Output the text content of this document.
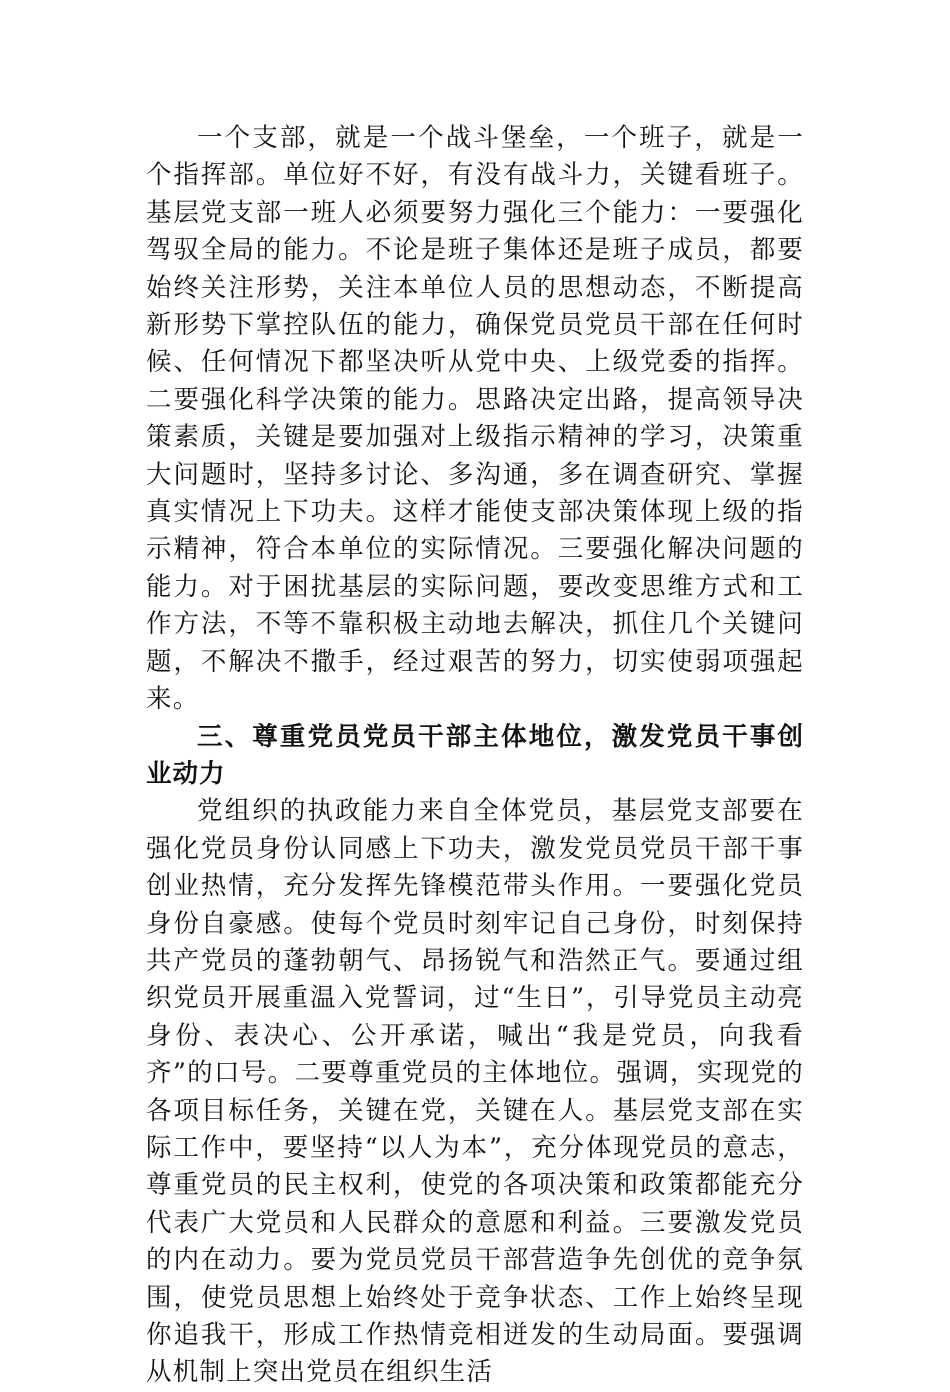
一个支部，就是一个战斗堡垒，一个班子，就是一个指挥部。单位好不好，有没有战斗力，关键看班子。基层党支部一班人必须要努力强化三个能力：一要强化驾驭全局的能力。不论是班子集体还是班子成员，都要始终关注形势，关注本单位人员的思想动态，不断提高新形势下掌控队伍的能力，确保党员党员干部在任何时候、任何情况下都坚决听从党中央、上级党委的指挥。二要强化科学决策的能力。思路决定出路，提高领导决策素质，关键是要加强对上级指示精神的学习，决策重大问题时，坚持多讨论、多沟通，多在调查研究、掌握真实情况上下功夫。这样才能使支部决策体现上级的指示精神，符合本单位的实际情况。三要强化解决问题的能力。对于困扰基层的实际问题，要改变思维方式和工作方法，不等不靠积极主动地去解决，抓住几个关键问题，不解决不撒手，经过艰苦的努力，切实使弱项强起来。

三、尊重党员党员干部主体地位，激发党员干事创业动力

党组织的执政能力来自全体党员，基层党支部要在强化党员身份认同感上下功夫，激发党员党员干部干事创业热情，充分发挥先锋模范带头作用。一要强化党员身份自豪感。使每个党员时刻牢记自己身份，时刻保持共产党员的蓬勃朝气、昂扬锐气和浩然正气。要通过组织党员开展重温入党誓词，过“生日”，引导党员主动亮身份、表决心、公开承诺，喊出“我是党员，向我看齐”的口号。二要尊重党员的主体地位。强调，实现党的各项目标任务，关键在党，关键在人。基层党支部在实际工作中，要坚持“以人为本”，充分体现党员的意志，尊重党员的民主权利，使党的各项决策和政策都能充分代表广大党员和人民群众的意愿和利益。三要激发党员的内在动力。要为党员党员干部营造争先创优的竞争氛围，使党员思想上始终处于竞争状态、工作上始终呈现你追我干，形成工作热情竞相迸发的生动局面。要强调从机制上突出党员在组织生活
